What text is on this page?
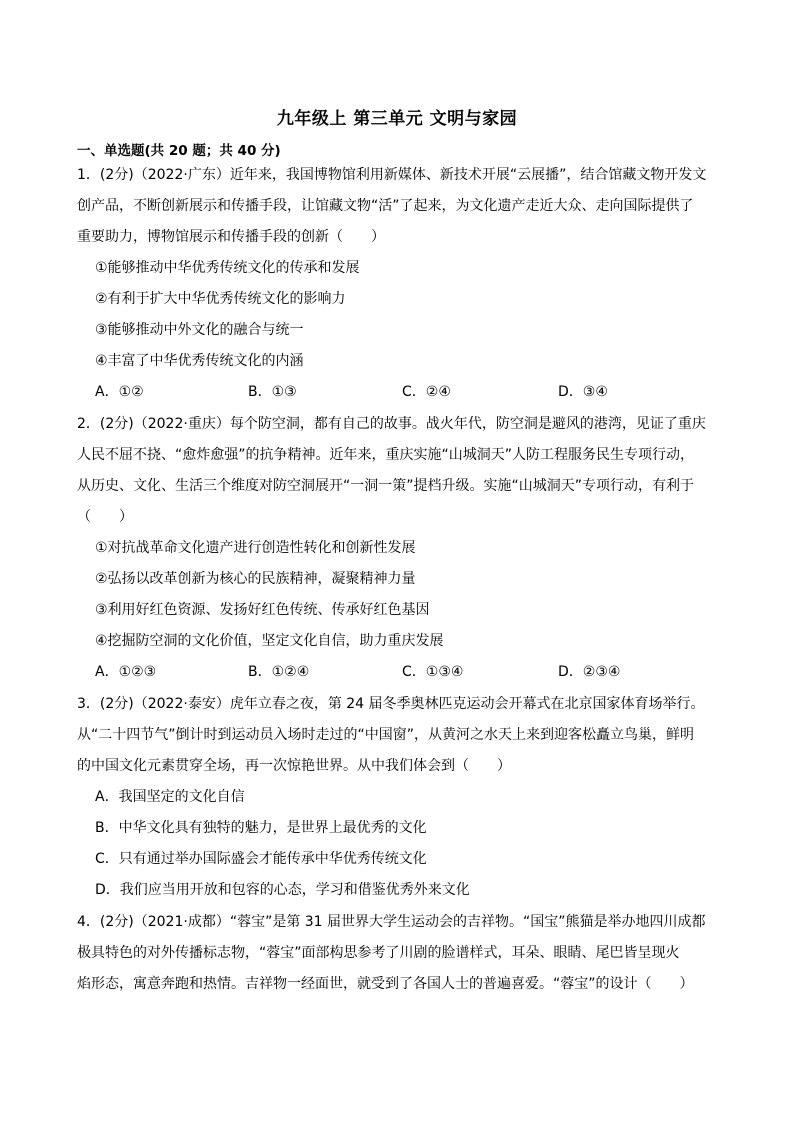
九年级上 第三单元 文明与家园
一、单选题(共 20 题；共 40 分)
1．(2分)（2022·广东）近年来，我国博物馆利用新媒体、新技术开展“云展播”，结合馆藏文物开发文
创产品，不断创新展示和传播手段，让馆藏文物“活”了起来，为文化遗产走近大众、走向国际提供了
重要助力，博物馆展示和传播手段的创新（　　）
①能够推动中华优秀传统文化的传承和发展
②有利于扩大中华优秀传统文化的影响力
③能够推动中外文化的融合与统一
④丰富了中华优秀传统文化的内涵
A．①②	B．①③	C．②④	D．③④
2．(2分)（2022·重庆）每个防空洞，都有自己的故事。战火年代，防空洞是避风的港湾，见证了重庆
人民不屈不挠、“愈炸愈强”的抗争精神。近年来，重庆实施“山城洞天”人防工程服务民生专项行动，
从历史、文化、生活三个维度对防空洞展开“一洞一策”提档升级。实施“山城洞天”专项行动，有利于
（　　）
①对抗战革命文化遗产进行创造性转化和创新性发展
②弘扬以改革创新为核心的民族精神，凝聚精神力量
③利用好红色资源、发扬好红色传统、传承好红色基因
④挖掘防空洞的文化价值，坚定文化自信，助力重庆发展
A．①②③	B．①②④	C．①③④	D．②③④
3．(2分)（2022·泰安）虎年立春之夜，第 24 届冬季奥林匹克运动会开幕式在北京国家体育场举行。
从“二十四节气”倒计时到运动员入场时走过的“中国窗”，从黄河之水天上来到迎客松矗立鸟巢，鲜明
的中国文化元素贯穿全场，再一次惊艳世界。从中我们体会到（　　）
A．我国坚定的文化自信
B．中华文化具有独特的魅力，是世界上最优秀的文化
C．只有通过举办国际盛会才能传承中华优秀传统文化
D．我们应当用开放和包容的心态，学习和借鉴优秀外来文化
4．(2分)（2021·成都）“蓉宝”是第 31 届世界大学生运动会的吉祥物。“国宝”熊猫是举办地四川成都
极具特色的对外传播标志物，“蓉宝”面部构思参考了川剧的脸谱样式，耳朵、眼睛、尾巴皆呈现火
焰形态，寓意奔跑和热情。吉祥物一经面世，就受到了各国人士的普遍喜爱。“蓉宝”的设计（　　）
